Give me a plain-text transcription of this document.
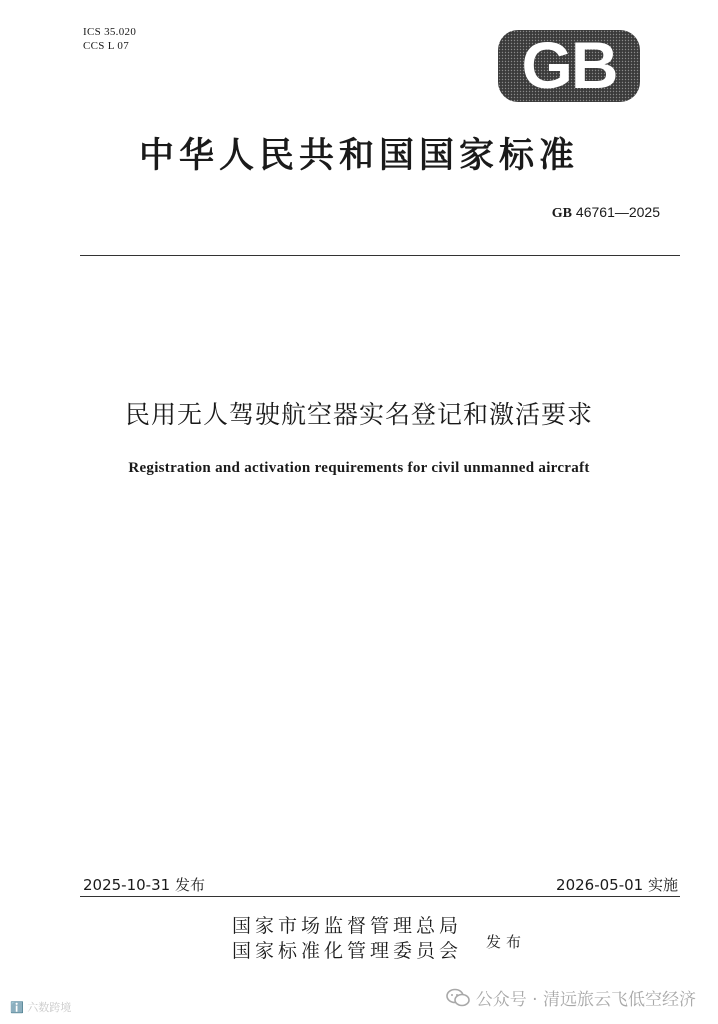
ICS 35.020
CCS L 07	GB
中华人民共和国国家标准
GB 46761—2025
民用无人驾驶航空器实名登记和激活要求
Registration and activation requirements for civil unmanned aircraft
2025-10-31 发布	2026-05-01 实施
国家市场监督管理总局
国家标准化管理委员会 发布
ℹ️ 六数跨境	公众号 · 清远旅云飞低空经济
